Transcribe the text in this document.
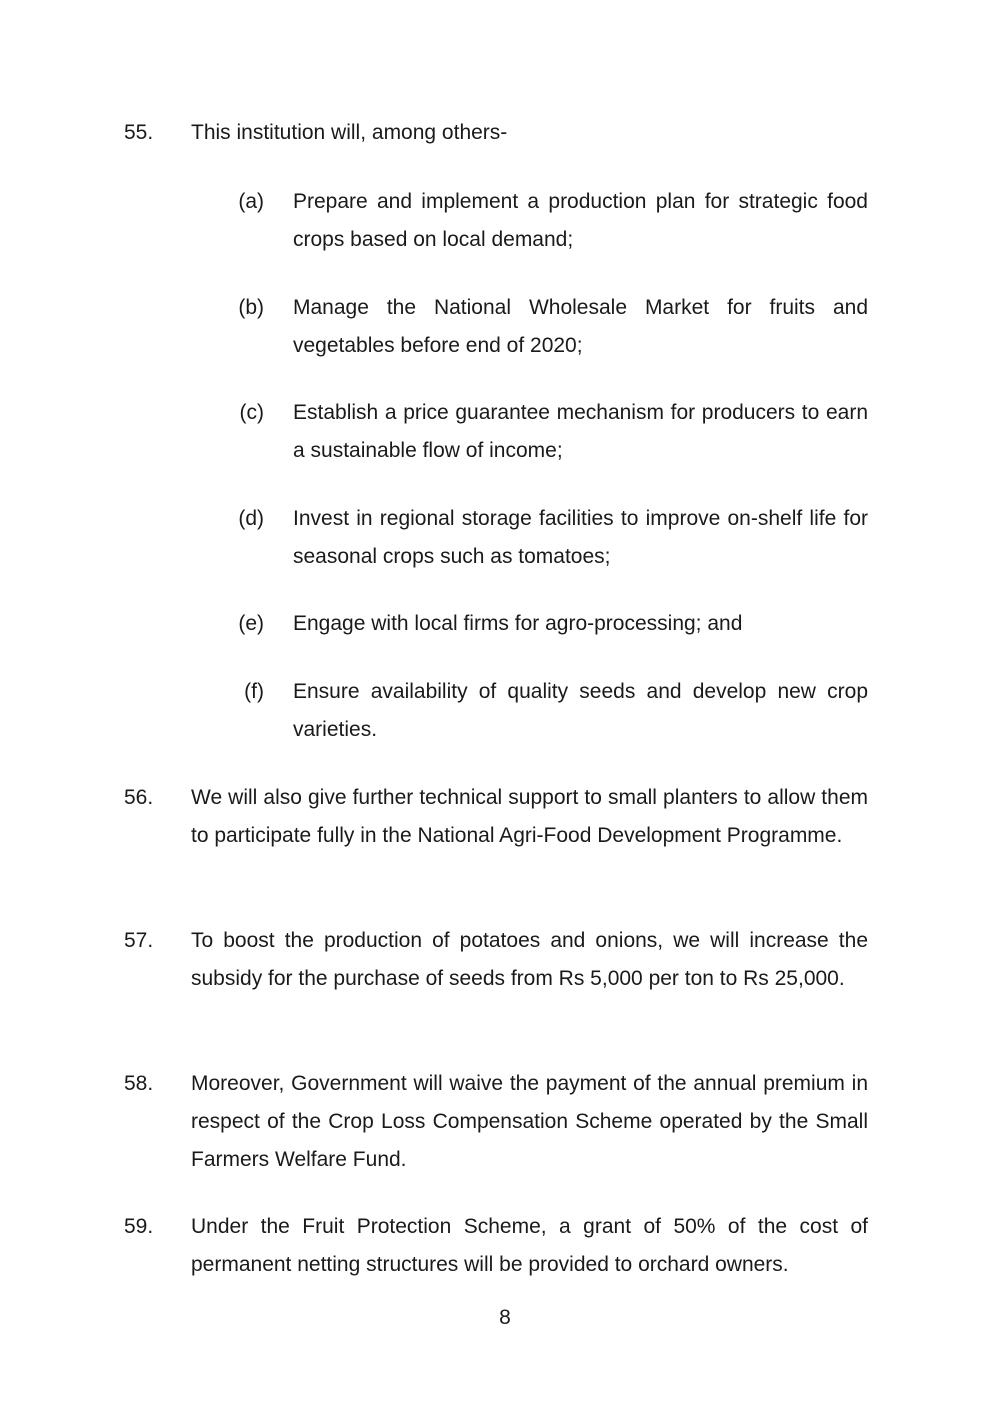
55. This institution will, among others-
(a) Prepare and implement a production plan for strategic food crops based on local demand;
(b) Manage the National Wholesale Market for fruits and vegetables before end of 2020;
(c) Establish a price guarantee mechanism for producers to earn a sustainable flow of income;
(d) Invest in regional storage facilities to improve on-shelf life for seasonal crops such as tomatoes;
(e) Engage with local firms for agro-processing; and
(f) Ensure availability of quality seeds and develop new crop varieties.
56. We will also give further technical support to small planters to allow them to participate fully in the National Agri-Food Development Programme.
57. To boost the production of potatoes and onions, we will increase the subsidy for the purchase of seeds from Rs 5,000 per ton to Rs 25,000.
58. Moreover, Government will waive the payment of the annual premium in respect of the Crop Loss Compensation Scheme operated by the Small Farmers Welfare Fund.
59. Under the Fruit Protection Scheme, a grant of 50% of the cost of permanent netting structures will be provided to orchard owners.
8
